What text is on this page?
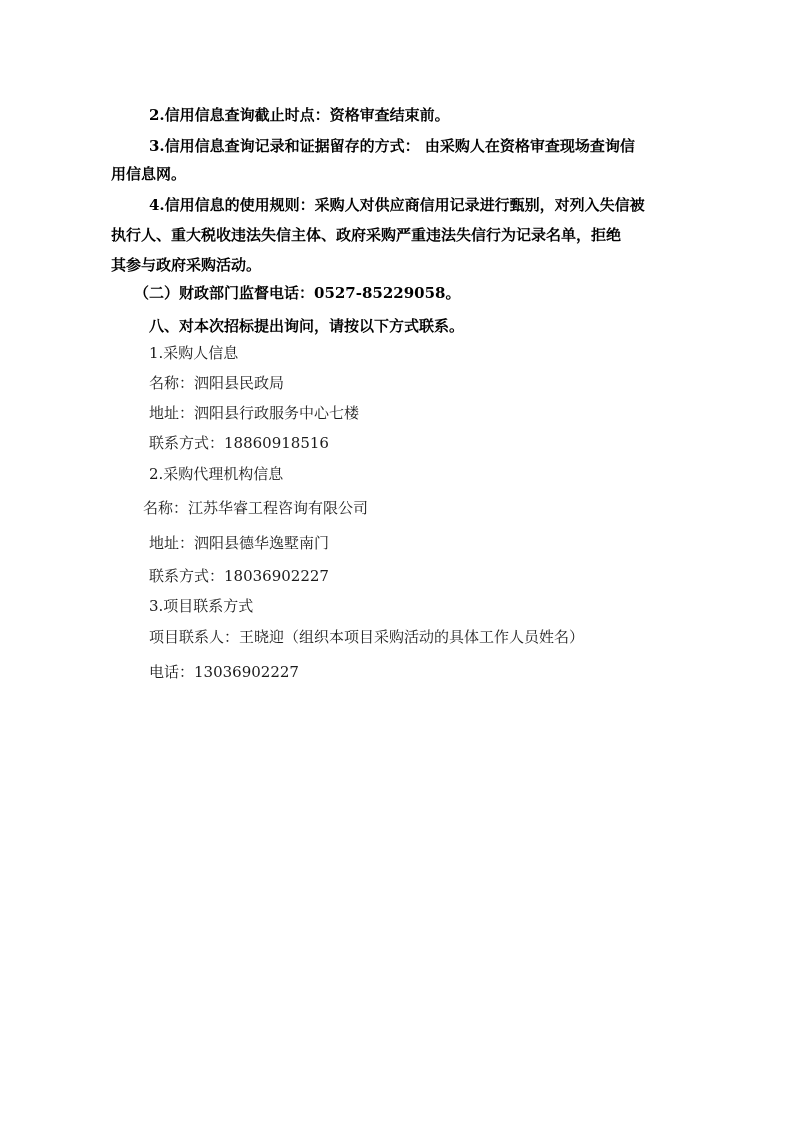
2.信用信息查询截止时点：资格审查结束前。
3.信用信息查询记录和证据留存的方式： 由采购人在资格审查现场查询信
用信息网。
4.信用信息的使用规则：采购人对供应商信用记录进行甄别，对列入失信被
执行人、重大税收违法失信主体、政府采购严重违法失信行为记录名单，拒绝
其参与政府采购活动。
（二）财政部门监督电话：0527-85229058。
八、对本次招标提出询问，请按以下方式联系。
1.采购人信息
名称：泗阳县民政局
地址：泗阳县行政服务中心七楼
联系方式：18860918516
2.采购代理机构信息
名称：江苏华睿工程咨询有限公司
地址：泗阳县德华逸墅南门
联系方式：18036902227
3.项目联系方式
项目联系人：王晓迎（组织本项目采购活动的具体工作人员姓名）
电话：13036902227
